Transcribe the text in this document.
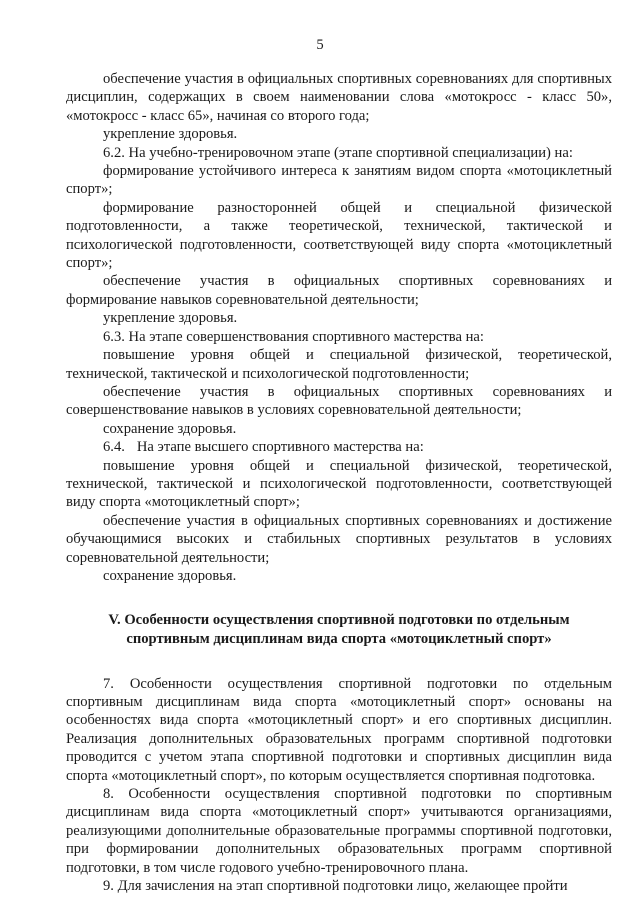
5

обеспечение участия в официальных спортивных соревнованиях для спортивных дисциплин, содержащих в своем наименовании слова «мотокросс - класс 50», «мотокросс - класс 65», начиная со второго года;

укрепление здоровья.

6.2. На учебно-тренировочном этапе (этапе спортивной специализации) на:

формирование устойчивого интереса к занятиям видом спорта «мотоциклетный спорт»;

формирование разносторонней общей и специальной физической подготовленности, а также теоретической, технической, тактической и психологической подготовленности, соответствующей виду спорта «мотоциклетный спорт»;

обеспечение участия в официальных спортивных соревнованиях и формирование навыков соревновательной деятельности;

укрепление здоровья.

6.3. На этапе совершенствования спортивного мастерства на:

повышение уровня общей и специальной физической, теоретической, технической, тактической и психологической подготовленности;

обеспечение участия в официальных спортивных соревнованиях и совершенствование навыков в условиях соревновательной деятельности;

сохранение здоровья.

6.4. На этапе высшего спортивного мастерства на:

повышение уровня общей и специальной физической, теоретической, технической, тактической и психологической подготовленности, соответствующей виду спорта «мотоциклетный спорт»;

обеспечение участия в официальных спортивных соревнованиях и достижение обучающимися высоких и стабильных спортивных результатов в условиях соревновательной деятельности;

сохранение здоровья.

V. Особенности осуществления спортивной подготовки по отдельным
спортивным дисциплинам вида спорта «мотоциклетный спорт»

7. Особенности осуществления спортивной подготовки по отдельным спортивным дисциплинам вида спорта «мотоциклетный спорт» основаны на особенностях вида спорта «мотоциклетный спорт» и его спортивных дисциплин. Реализация дополнительных образовательных программ спортивной подготовки проводится с учетом этапа спортивной подготовки и спортивных дисциплин вида спорта «мотоциклетный спорт», по которым осуществляется спортивная подготовка.

8. Особенности осуществления спортивной подготовки по спортивным дисциплинам вида спорта «мотоциклетный спорт» учитываются организациями, реализующими дополнительные образовательные программы спортивной подготовки, при формировании дополнительных образовательных программ спортивной подготовки, в том числе годового учебно-тренировочного плана.

9. Для зачисления на этап спортивной подготовки лицо, желающее пройти
